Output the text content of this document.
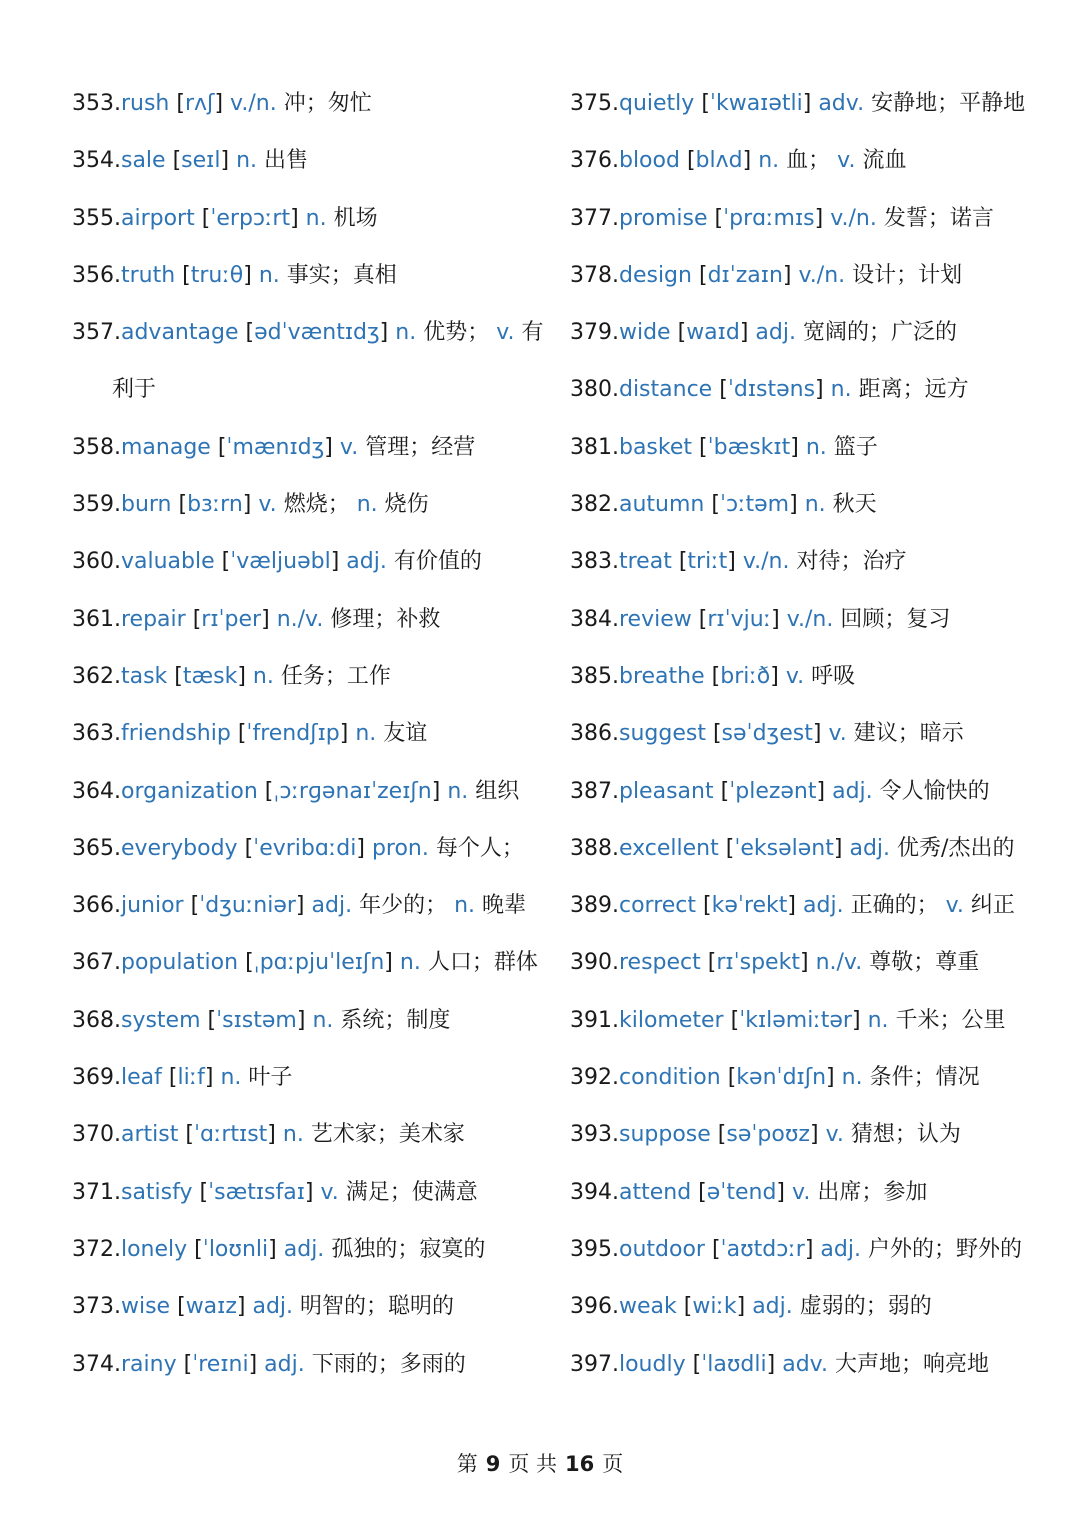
353.rush [rʌʃ] v./n. 冲；匆忙
354.sale [seɪl] n. 出售
355.airport [ˈerpɔːrt] n. 机场
356.truth [truːθ] n. 事实；真相
357.advantage [ədˈvæntɪdʒ] n. 优势； v. 有
利于
358.manage [ˈmænɪdʒ] v. 管理；经营
359.burn [bɜːrn] v. 燃烧； n. 烧伤
360.valuable [ˈvæljuəbl] adj. 有价值的
361.repair [rɪˈper] n./v. 修理；补救
362.task [tæsk] n. 任务；工作
363.friendship [ˈfrendʃɪp] n. 友谊
364.organization [ˌɔːrɡənaɪˈzeɪʃn] n. 组织
365.everybody [ˈevribɑːdi] pron. 每个人；
366.junior [ˈdʒuːniər] adj. 年少的； n. 晚辈
367.population [ˌpɑːpjuˈleɪʃn] n. 人口；群体
368.system [ˈsɪstəm] n. 系统；制度
369.leaf [liːf] n. 叶子
370.artist [ˈɑːrtɪst] n. 艺术家；美术家
371.satisfy [ˈsætɪsfaɪ] v. 满足；使满意
372.lonely [ˈloʊnli] adj. 孤独的；寂寞的
373.wise [waɪz] adj. 明智的；聪明的
374.rainy [ˈreɪni] adj. 下雨的；多雨的
375.quietly [ˈkwaɪətli] adv. 安静地；平静地
376.blood [blʌd] n. 血； v. 流血
377.promise [ˈprɑːmɪs] v./n. 发誓；诺言
378.design [dɪˈzaɪn] v./n. 设计；计划
379.wide [waɪd] adj. 宽阔的；广泛的
380.distance [ˈdɪstəns] n. 距离；远方
381.basket [ˈbæskɪt] n. 篮子
382.autumn [ˈɔːtəm] n. 秋天
383.treat [triːt] v./n. 对待；治疗
384.review [rɪˈvjuː] v./n. 回顾；复习
385.breathe [briːð] v. 呼吸
386.suggest [səˈdʒest] v. 建议；暗示
387.pleasant [ˈplezənt] adj. 令人愉快的
388.excellent [ˈeksələnt] adj. 优秀/杰出的
389.correct [kəˈrekt] adj. 正确的； v. 纠正
390.respect [rɪˈspekt] n./v. 尊敬；尊重
391.kilometer [ˈkɪləmiːtər] n. 千米；公里
392.condition [kənˈdɪʃn] n. 条件；情况
393.suppose [səˈpoʊz] v. 猜想；认为
394.attend [əˈtend] v. 出席；参加
395.outdoor [ˈaʊtdɔːr] adj. 户外的；野外的
396.weak [wiːk] adj. 虚弱的；弱的
397.loudly [ˈlaʊdli] adv. 大声地；响亮地
第 9 页 共 16 页
